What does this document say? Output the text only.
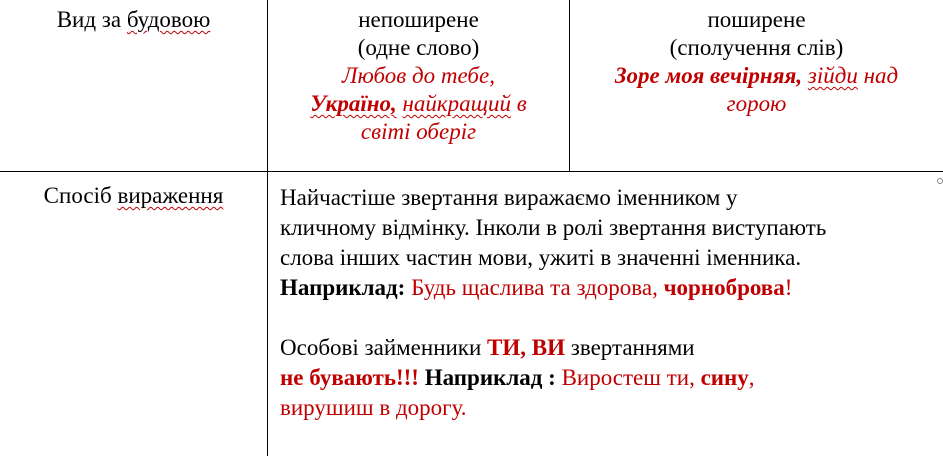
Вид за будовою	непоширене
(одне слово)
Любов до тебе,
Україно, найкращий в
світі оберіг
поширене
(сполучення слів)
Зоре моя вечірняя, зійди над
горою
Спосіб вираження	Найчастіше звертання виражаємо іменником у
кличному відмінку. Інколи в ролі звертання виступають
слова інших частин мови, ужиті в значенні іменника.
Наприклад: Будь щаслива та здорова, чорноброва!
Особові займенники ТИ, ВИ звертаннями
не бувають!!! Наприклад : Виростеш ти, сину,
вирушиш в дорогу.
